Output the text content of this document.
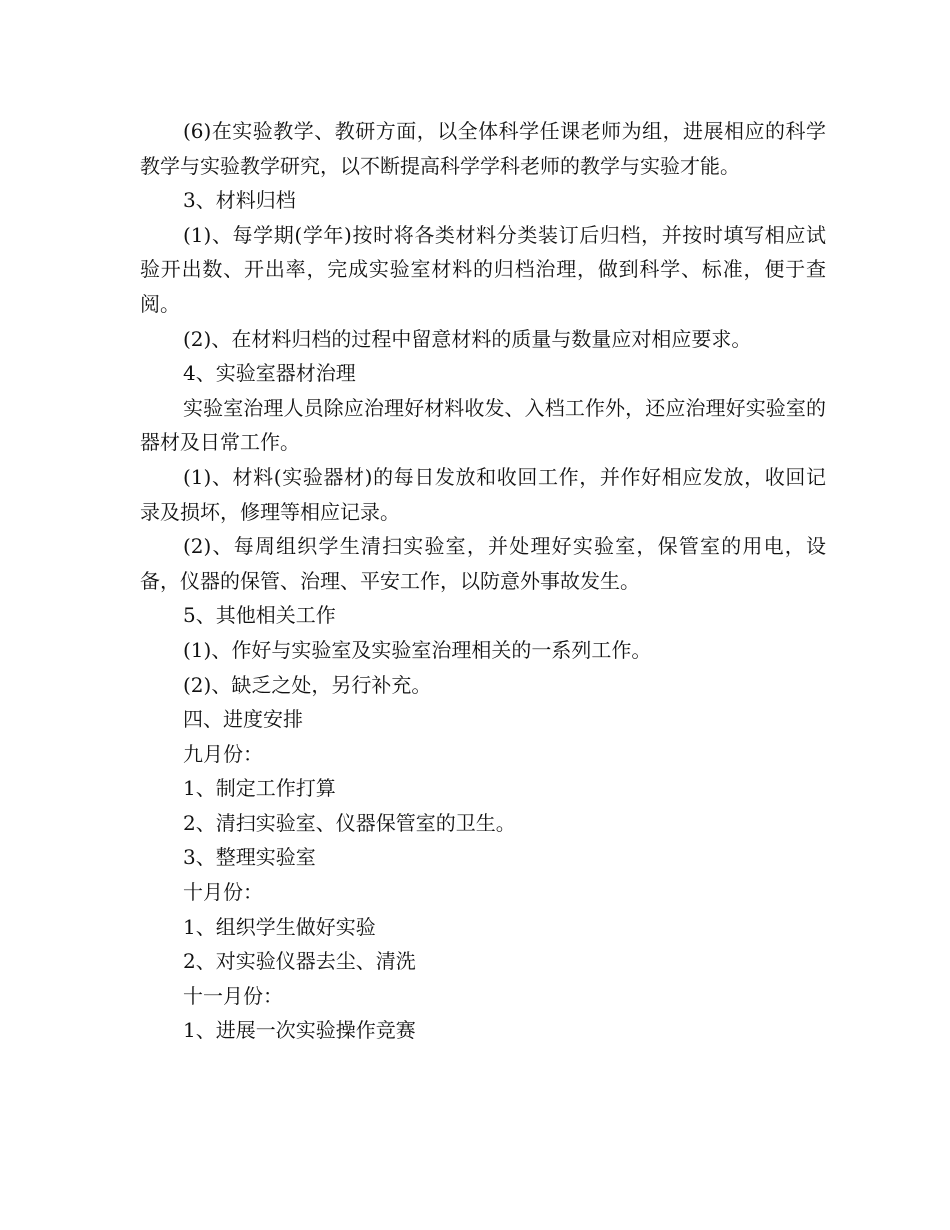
(6)在实验教学、教研方面，以全体科学任课老师为组，进展相应的科学教学与实验教学研究，以不断提高科学学科老师的教学与实验才能。

3、材料归档

(1)、每学期(学年)按时将各类材料分类装订后归档，并按时填写相应试验开出数、开出率，完成实验室材料的归档治理，做到科学、标准，便于查阅。

(2)、在材料归档的过程中留意材料的质量与数量应对相应要求。

4、实验室器材治理

实验室治理人员除应治理好材料收发、入档工作外，还应治理好实验室的器材及日常工作。

(1)、材料(实验器材)的每日发放和收回工作，并作好相应发放，收回记录及损坏，修理等相应记录。

(2)、每周组织学生清扫实验室，并处理好实验室，保管室的用电，设备，仪器的保管、治理、平安工作，以防意外事故发生。

5、其他相关工作

(1)、作好与实验室及实验室治理相关的一系列工作。

(2)、缺乏之处，另行补充。

四、进度安排

九月份：

1、制定工作打算

2、清扫实验室、仪器保管室的卫生。

3、整理实验室

十月份：

1、组织学生做好实验

2、对实验仪器去尘、清洗

十一月份：

1、进展一次实验操作竞赛
